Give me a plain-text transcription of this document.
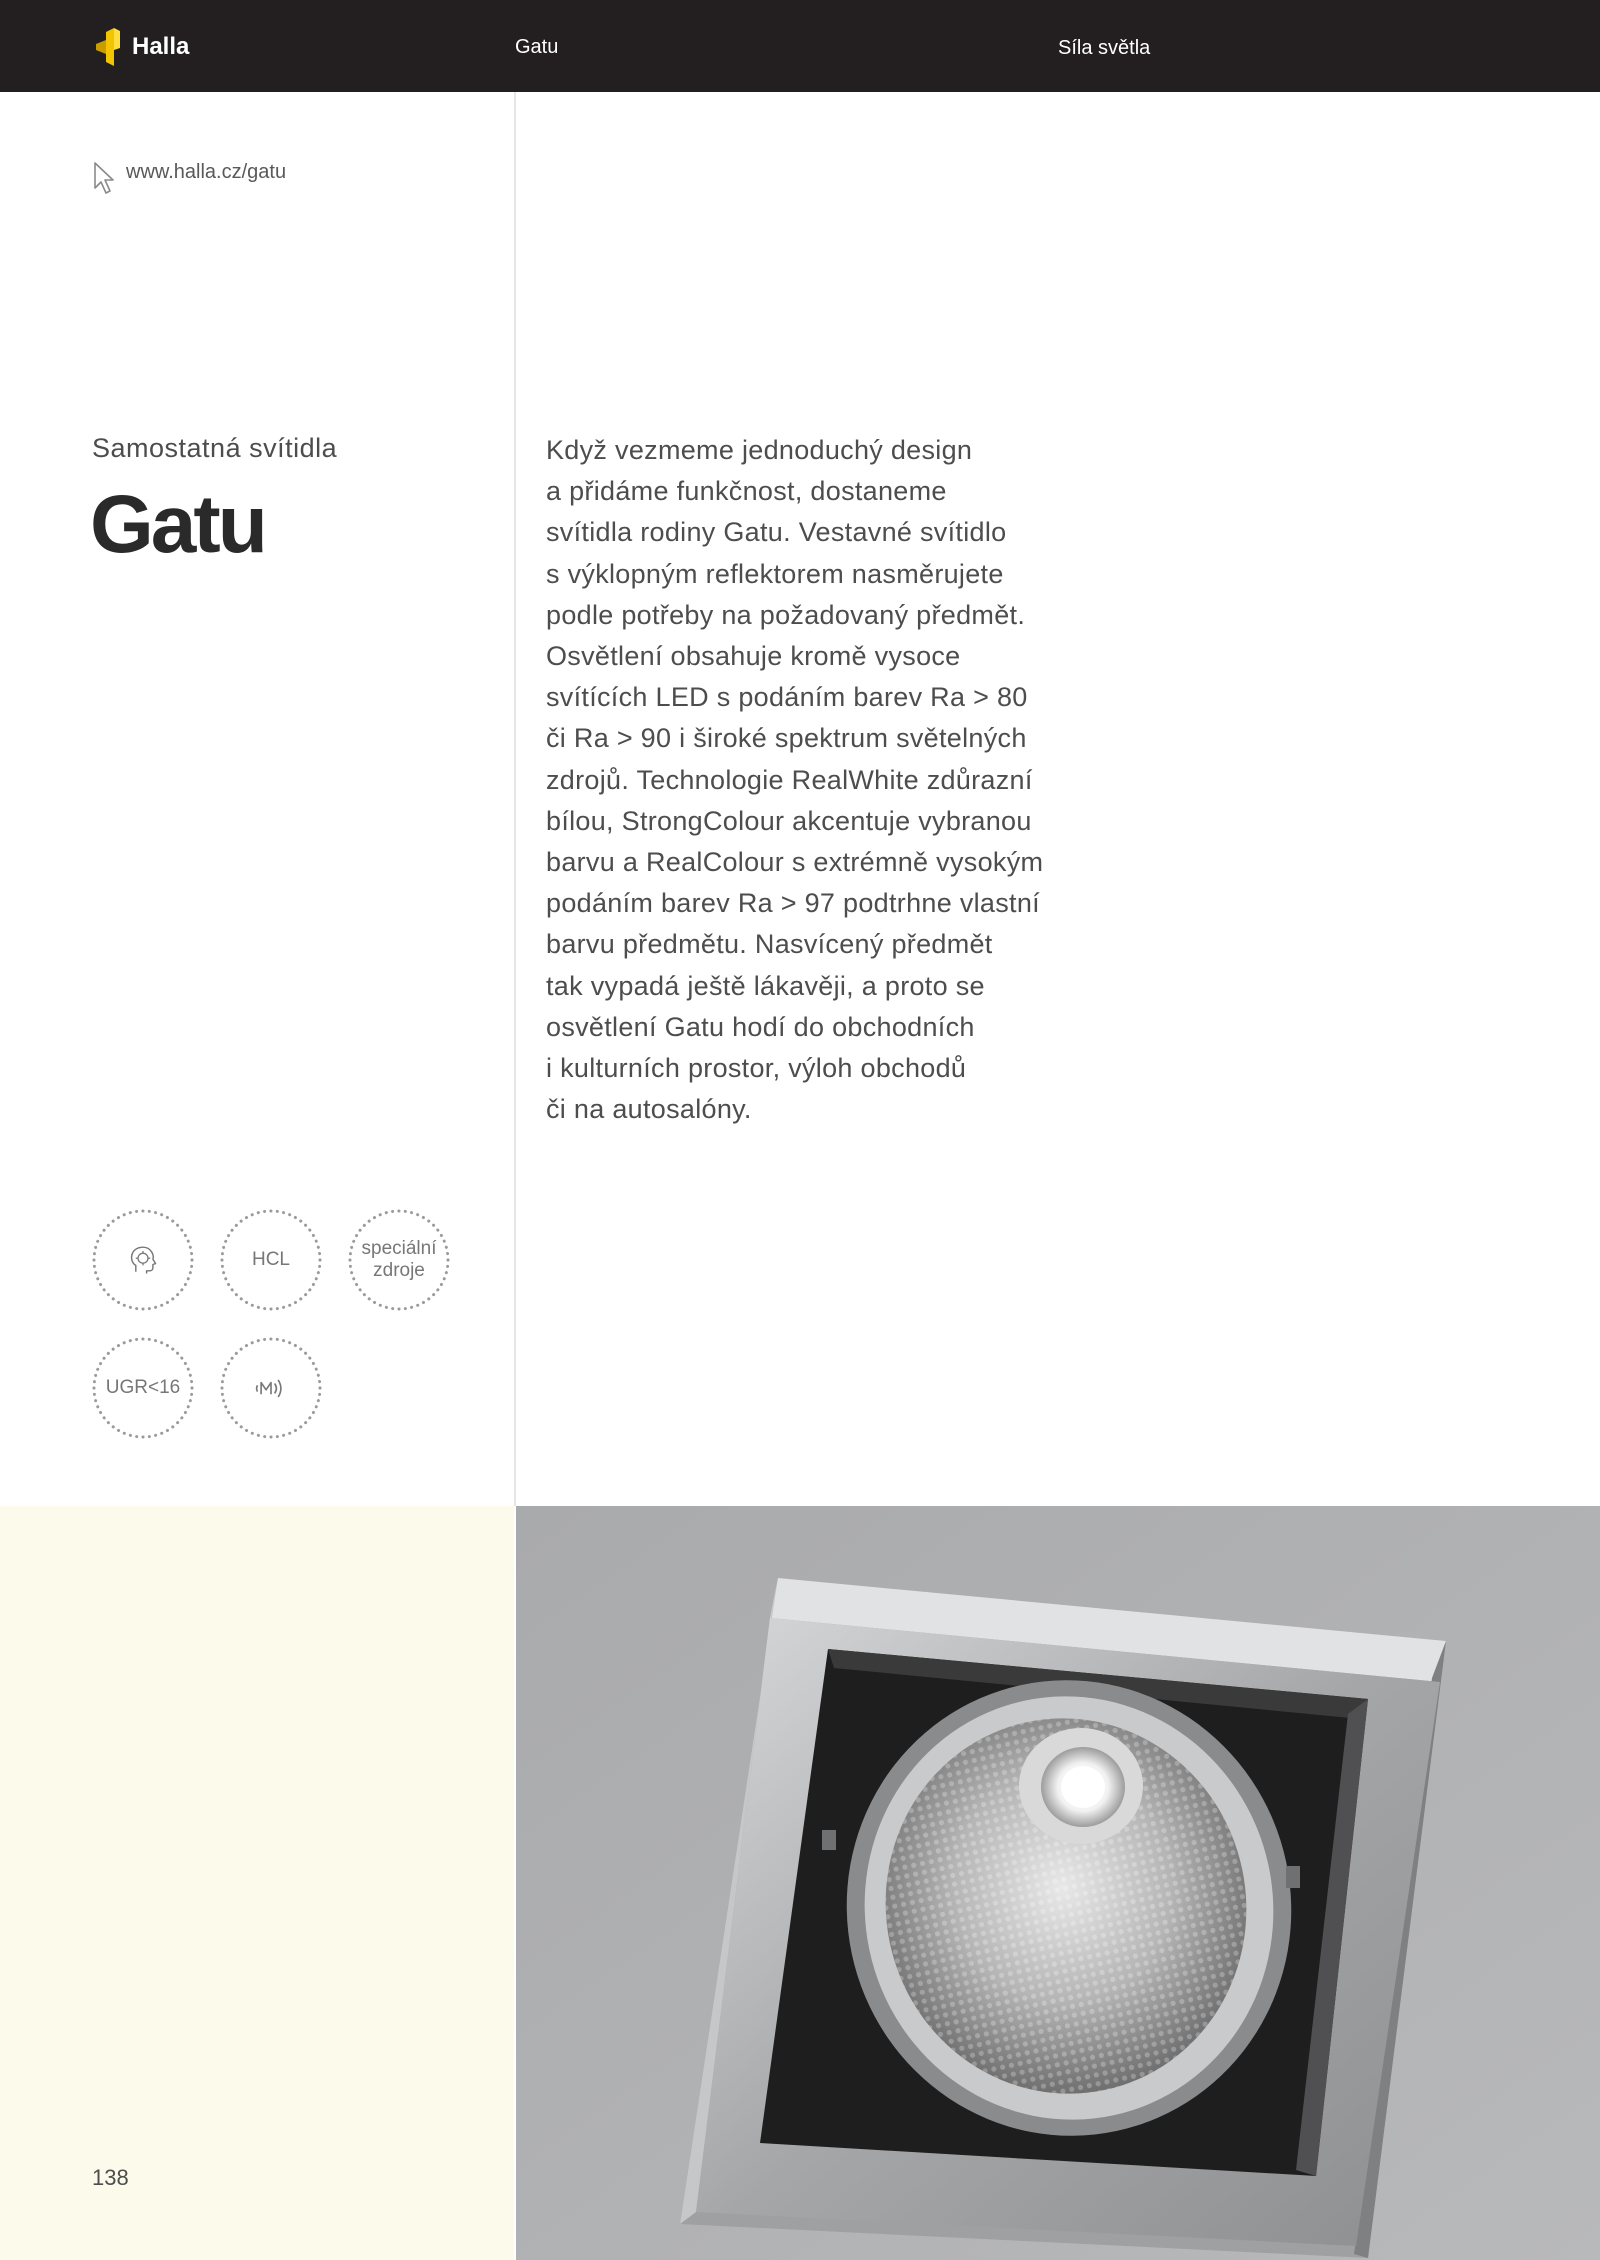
Halla	Gatu	Síla světla
www.halla.cz/gatu
Samostatná svítidla
Gatu
Když vezmeme jednoduchý design
a přidáme funkčnost, dostaneme
svítidla rodiny Gatu. Vestavné svítidlo
s výklopným reflektorem nasměrujete
podle potřeby na požadovaný předmět.
Osvětlení obsahuje kromě vysoce
svítících LED s podáním barev Ra > 80
či Ra > 90 i široké spektrum světelných
zdrojů. Technologie RealWhite zdůrazní
bílou, StrongColour akcentuje vybranou
barvu a RealColour s extrémně vysokým
podáním barev Ra > 97 podtrhne vlastní
barvu předmětu. Nasvícený předmět
tak vypadá ještě lákavěji, a proto se
osvětlení Gatu hodí do obchodních
i kulturních prostor, výloh obchodů
či na autosalóny.
HCL
speciální
zdroje
UGR<16
138
